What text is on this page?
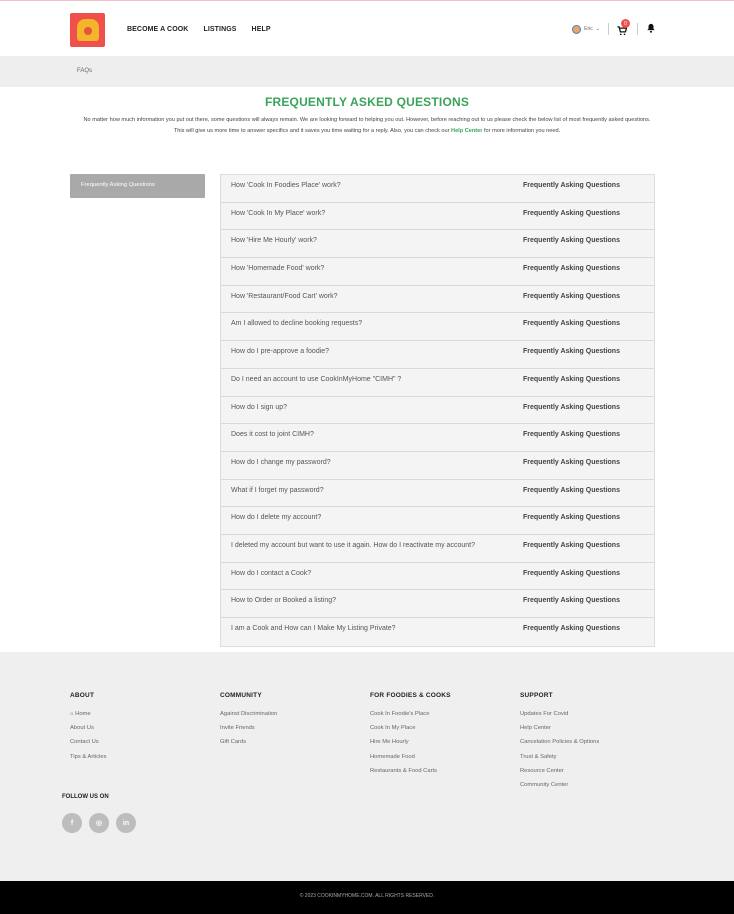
BECOME A COOK LISTINGS HELP	Eric ⌄
0
FAQs
FREQUENTLY ASKED QUESTIONS

No matter how much information you put out there, some questions will always remain. We are looking forward to helping you out. However, before reaching out to us please check the below list of most frequently asked questions. This will give us more time to answer specifics and it saves you time waiting for a reply. Also, you can check our Help Center for more information you need.

Frequently Asking Questions	How 'Cook In Foodies Place' work?	Frequently Asking Questions
How 'Cook In My Place' work?	Frequently Asking Questions
How 'Hire Me Hourly' work?	Frequently Asking Questions
How 'Homemade Food' work?	Frequently Asking Questions
How 'Restaurant/Food Cart' work?	Frequently Asking Questions
Am I allowed to decline booking requests?	Frequently Asking Questions
How do I pre-approve a foodie?	Frequently Asking Questions
Do I need an account to use CookInMyHome "CIMH" ?	Frequently Asking Questions
How do I sign up?	Frequently Asking Questions
Does it cost to joint CIMH?	Frequently Asking Questions
How do I change my password?	Frequently Asking Questions
What if I forget my password?	Frequently Asking Questions
How do I delete my account?	Frequently Asking Questions
I deleted my account but want to use it again. How do I reactivate my account?	Frequently Asking Questions
How do I contact a Cook?	Frequently Asking Questions
How to Order or Booked a listing?	Frequently Asking Questions
I am a Cook and How can I Make My Listing Private?	Frequently Asking Questions
ABOUT
⌂ Home
About Us
Contact Us
Tips & Articles
COMMUNITY
Against Discrimination
Invite Friends
Gift Cards
FOR FOODIES & COOKS
Cook In Foodie's Place
Cook In My Place
Hire Me Hourly
Homemade Food
Restaurants & Food Carts
SUPPORT
Updates For Covid
Help Center
Cancelation Policies & Options
Trust & Safety
Resource Center
Community Center
FOLLOW US ON
f	◎	in
© 2023 COOKINMYHOME.COM. ALL RIGHTS RESERVED.
